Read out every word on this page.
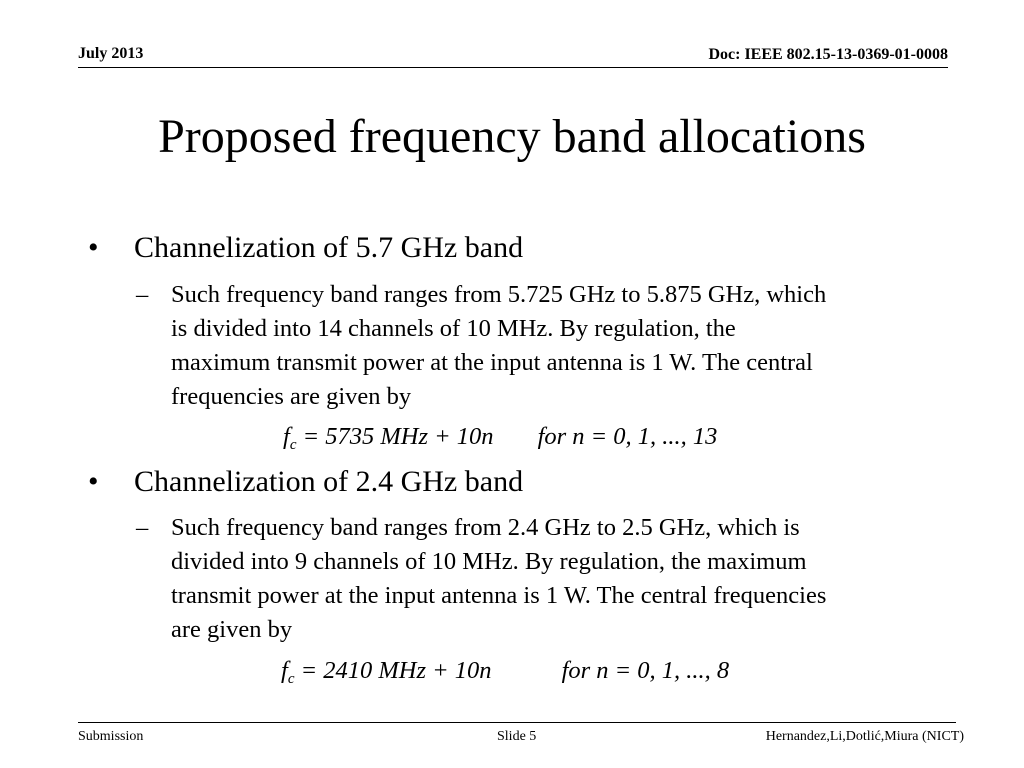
July 2013	Doc: IEEE 802.15-13-0369-01-0008
Proposed frequency band allocations
• Channelization of 5.7 GHz band
– Such frequency band ranges from 5.725 GHz to 5.875 GHz, which
is divided into 14 channels of 10 MHz. By regulation, the
maximum transmit power at the input antenna is 1 W. The central
frequencies are given by
$f_c = 5735$ MHz + 10n for n = 0, 1, ..., 13
• Channelization of 2.4 GHz band
– Such frequency band ranges from 2.4 GHz to 2.5 GHz, which is
divided into 9 channels of 10 MHz. By regulation, the maximum
transmit power at the input antenna is 1 W. The central frequencies
are given by
$f_c = 2410$ MHz + 10n	for n = 0, 1, ..., 8
Submission	Slide 5	Hernandez,Li,Dotlić,Miura (NICT)
